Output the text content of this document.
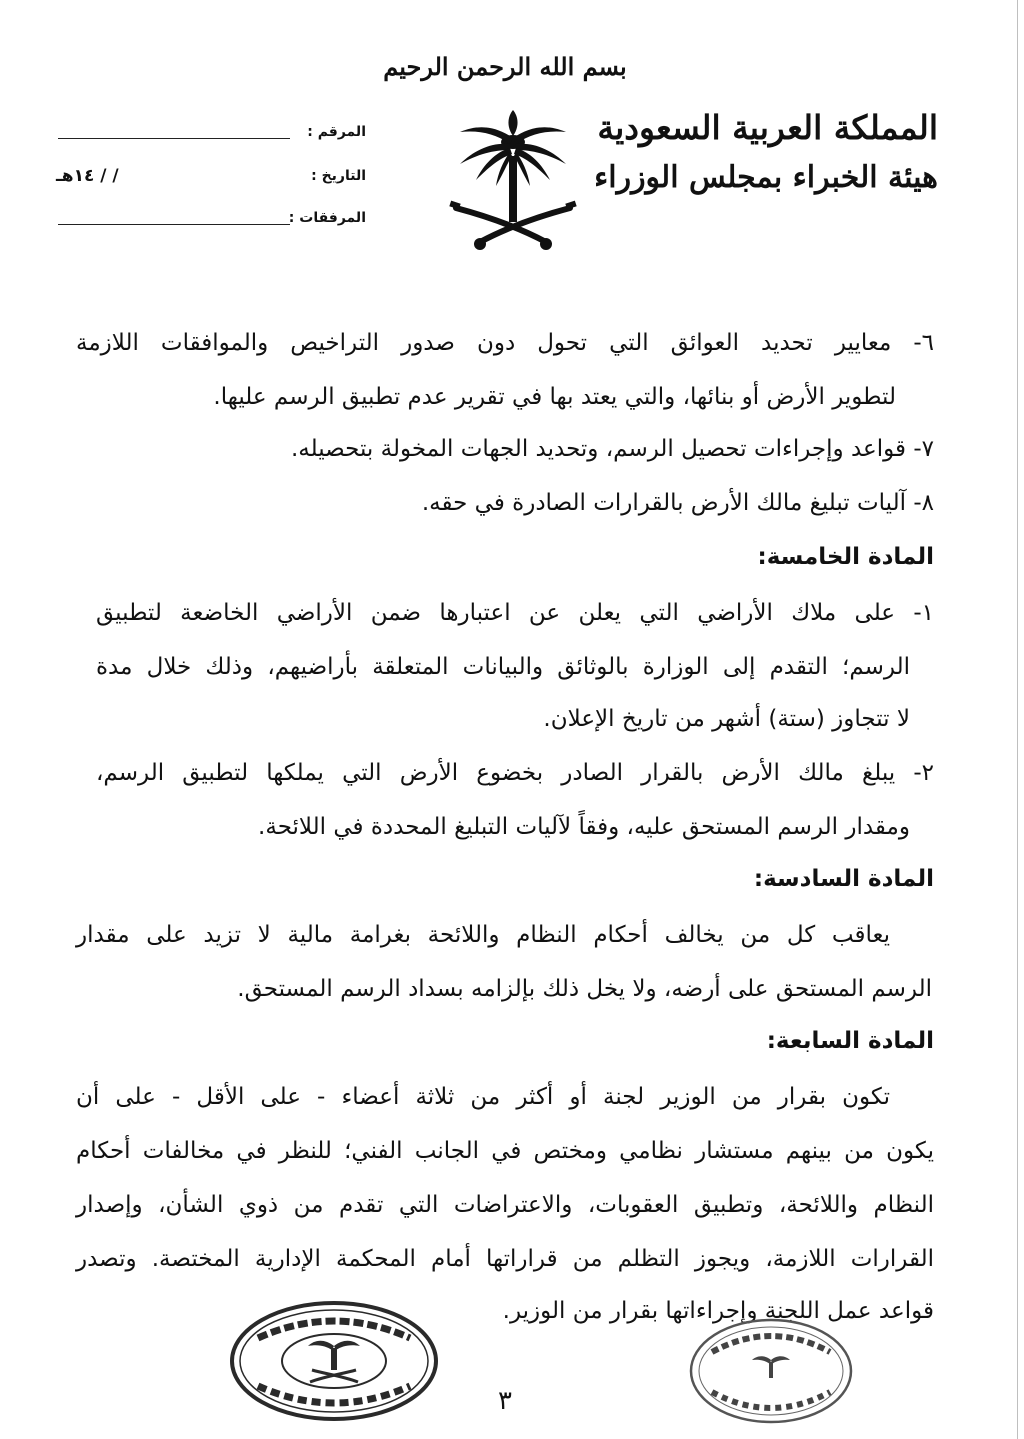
بسم الله الرحمن الرحيم
المملكة العربية السعودية
هيئة الخبراء بمجلس الوزراء
المرقم :
التاريخ :
١٤هـ / /
المرفقات :
٦- معايير تحديد العوائق التي تحول دون صدور التراخيص والموافقات اللازمة
لتطوير الأرض أو بنائها، والتي يعتد بها في تقرير عدم تطبيق الرسم عليها.
٧- قواعد وإجراءات تحصيل الرسم، وتحديد الجهات المخولة بتحصيله.
٨- آليات تبليغ مالك الأرض بالقرارات الصادرة في حقه.
المادة الخامسة:
١- على ملاك الأراضي التي يعلن عن اعتبارها ضمن الأراضي الخاضعة لتطبيق
الرسم؛ التقدم إلى الوزارة بالوثائق والبيانات المتعلقة بأراضيهم، وذلك خلال مدة
لا تتجاوز (ستة) أشهر من تاريخ الإعلان.
٢- يبلغ مالك الأرض بالقرار الصادر بخضوع الأرض التي يملكها لتطبيق الرسم،
ومقدار الرسم المستحق عليه، وفقاً لآليات التبليغ المحددة في اللائحة.
المادة السادسة:
يعاقب كل من يخالف أحكام النظام واللائحة بغرامة مالية لا تزيد على مقدار
الرسم المستحق على أرضه، ولا يخل ذلك بإلزامه بسداد الرسم المستحق.
المادة السابعة:
تكون بقرار من الوزير لجنة أو أكثر من ثلاثة أعضاء - على الأقل - على أن
يكون من بينهم مستشار نظامي ومختص في الجانب الفني؛ للنظر في مخالفات أحكام
النظام واللائحة، وتطبيق العقوبات، والاعتراضات التي تقدم من ذوي الشأن، وإصدار
القرارات اللازمة، ويجوز التظلم من قراراتها أمام المحكمة الإدارية المختصة. وتصدر
قواعد عمل اللجنة وإجراءاتها بقرار من الوزير.
٣
